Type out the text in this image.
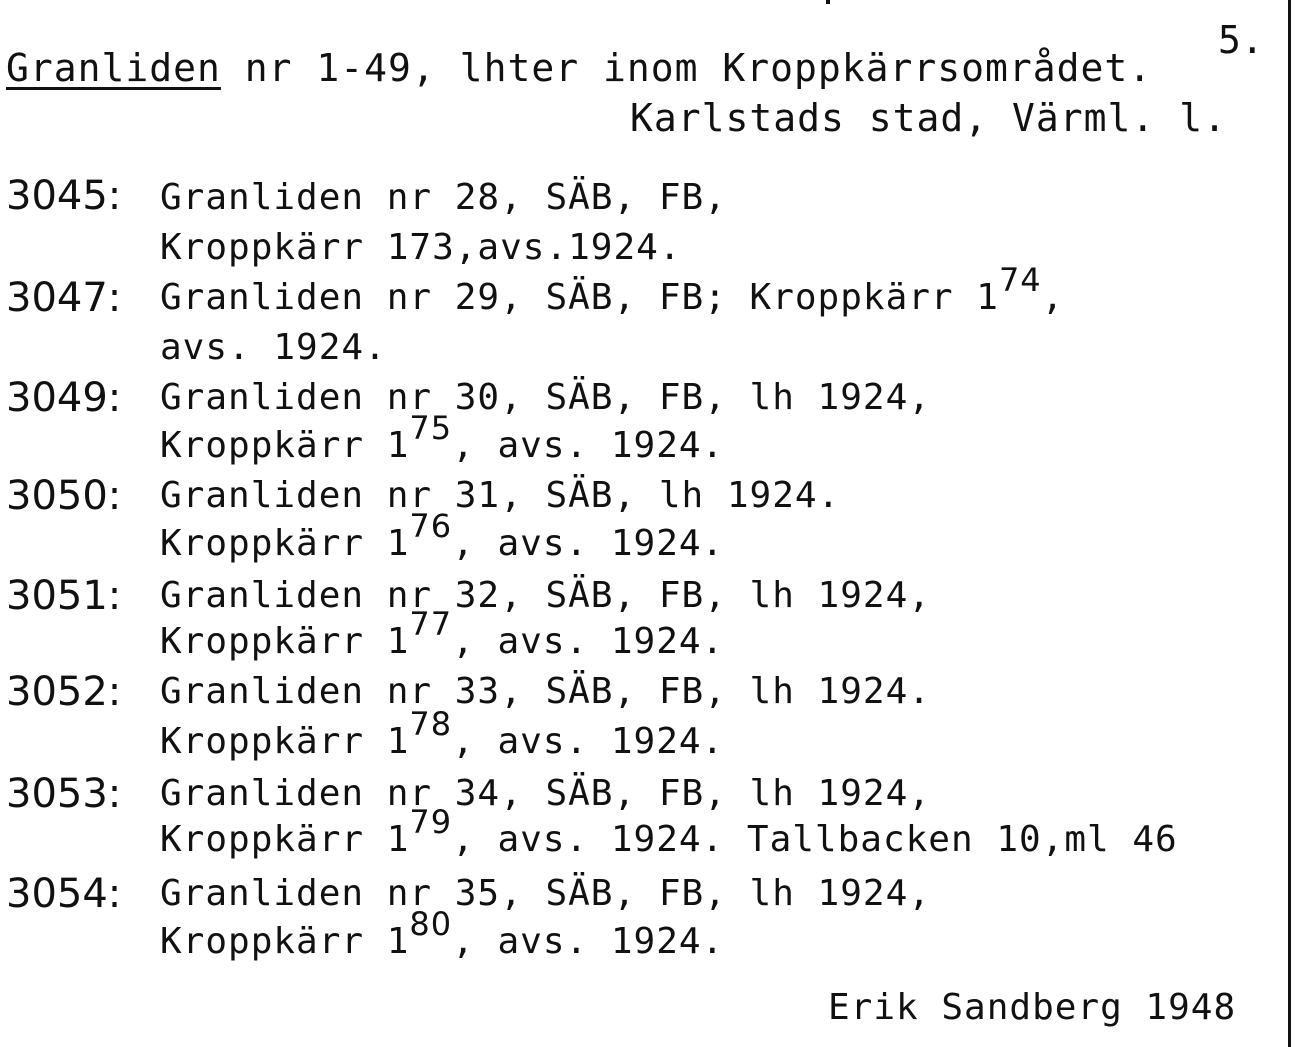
5.
Granliden nr 1-49, lhter inom Kroppkärrsområdet.
Karlstads stad, Värml. l.
3045: Granliden nr 28, SÄB, FB,
Kroppkärr 173,avs.1924.
3047: Granliden nr 29, SÄB, FB; Kroppkärr 174,
avs. 1924.
3049: Granliden nr 30, SÄB, FB, lh 1924,
Kroppkärr 175, avs. 1924.
3050: Granliden nr 31, SÄB, lh 1924.
Kroppkärr 176, avs. 1924.
3051: Granliden nr 32, SÄB, FB, lh 1924,
Kroppkärr 177, avs. 1924.
3052: Granliden nr 33, SÄB, FB, lh 1924.
Kroppkärr 178, avs. 1924.
3053: Granliden nr 34, SÄB, FB, lh 1924,
Kroppkärr 179, avs. 1924. Tallbacken 10,ml 46
3054: Granliden nr 35, SÄB, FB, lh 1924,
Kroppkärr 180, avs. 1924.
Erik Sandberg 1948
